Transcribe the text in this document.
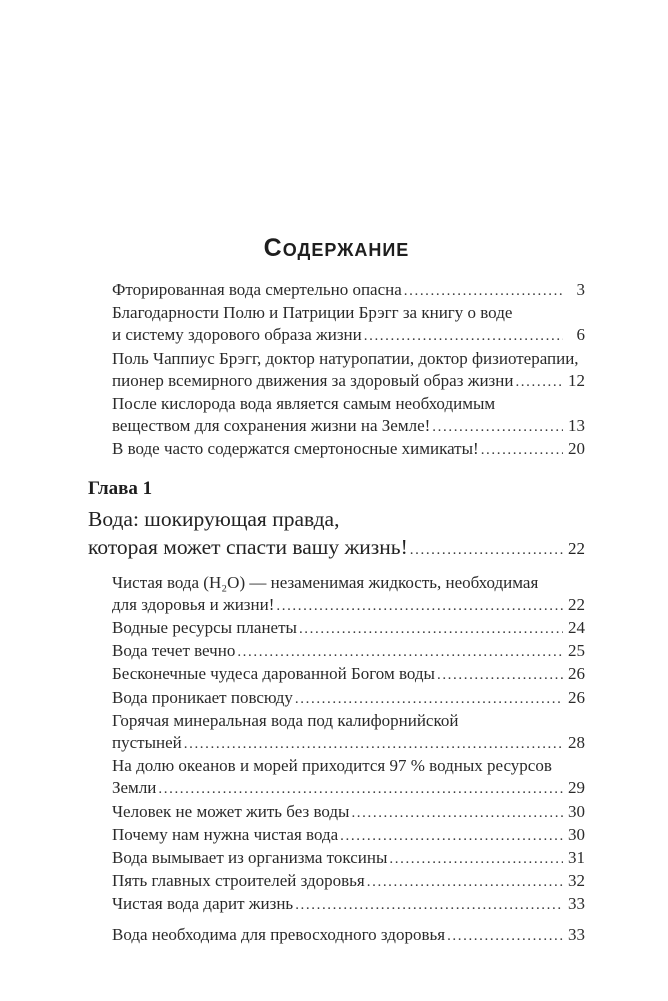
Содержание
Фторированная вода смертельно опасна .....	3
Благодарности Полю и Патриции Брэгг за книгу о воде
и систему здорового образа жизни .....	6
Поль Чаппиус Брэгг, доктор натуропатии, доктор физиотерапии,
пионер всемирного движения за здоровый образ жизни .....	12
После кислорода вода является самым необходимым
веществом для сохранения жизни на Земле! .....	13
В воде часто содержатся смертоносные химикаты! .....	20
Глава 1
Вода: шокирующая правда,
которая может спасти вашу жизнь! .....	22
Чистая вода (H₂O) — незаменимая жидкость, необходимая
для здоровья и жизни! .....	22
Водные ресурсы планеты .....	24
Вода течет вечно .....	25
Бесконечные чудеса дарованной Богом воды .....	26
Вода проникает повсюду .....	26
Горячая минеральная вода под калифорнийской
пустыней .....	28
На долю океанов и морей приходится 97 % водных ресурсов
Земли .....	29
Человек не может жить без воды .....	30
Почему нам нужна чистая вода .....	30
Вода вымывает из организма токсины .....	31
Пять главных строителей здоровья .....	32
Чистая вода дарит жизнь .....	33
Вода необходима для превосходного здоровья .....	33
